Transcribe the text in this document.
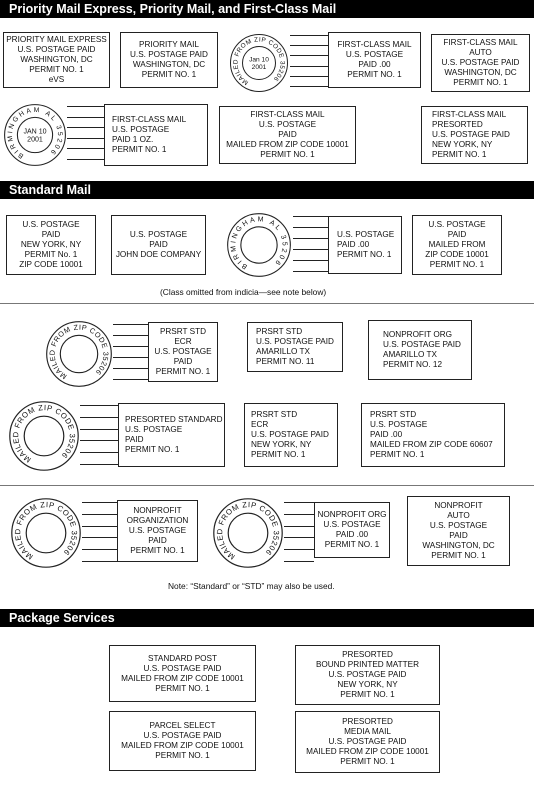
Priority Mail Express, Priority Mail, and First-Class Mail
Standard Mail
Package Services
PRIORITY MAIL EXPRESS
U.S. POSTAGE PAID
WASHINGTON, DC
PERMIT NO. 1
eVS
PRIORITY MAIL
U.S. POSTAGE PAID
WASHINGTON, DC
PERMIT NO. 1
MAILED FROM ZIP CODE 35206
Jan 10
2001
FIRST-CLASS MAIL
U.S. POSTAGE
PAID .00
PERMIT NO. 1
FIRST-CLASS MAIL
AUTO
U.S. POSTAGE PAID
WASHINGTON, DC
PERMIT NO. 1
BIRMINGHAM AL 35206
JAN 10
2001
FIRST-CLASS MAIL
U.S. POSTAGE
PAID 1 OZ.
PERMIT NO. 1
FIRST-CLASS MAIL
U.S. POSTAGE
PAID
MAILED FROM ZIP CODE 10001
PERMIT NO. 1
FIRST-CLASS MAIL
PRESORTED
U.S. POSTAGE PAID
NEW YORK, NY
PERMIT NO. 1
U.S. POSTAGE
PAID
NEW YORK, NY
PERMIT No. 1
ZIP CODE 10001
U.S. POSTAGE
PAID
JOHN DOE COMPANY
BIRMINGHAM AL 35206
U.S. POSTAGE
PAID .00
PERMIT NO. 1
U.S. POSTAGE
PAID
MAILED FROM
ZIP CODE 10001
PERMIT NO. 1
(Class omitted from indicia—see note below)
MAILED FROM ZIP CODE 35206
PRSRT STD
ECR
U.S. POSTAGE
PAID
PERMIT NO. 1
PRSRT STD
U.S. POSTAGE PAID
AMARILLO TX
PERMIT NO. 11
NONPROFIT ORG
U.S. POSTAGE PAID
AMARILLO TX
PERMIT NO. 12
MAILED FROM ZIP CODE 35206
PRESORTED STANDARD
U.S. POSTAGE
PAID
PERMIT NO. 1
PRSRT STD
ECR
U.S. POSTAGE PAID
NEW YORK, NY
PERMIT NO. 1
PRSRT STD
U.S. POSTAGE
PAID .00
MAILED FROM ZIP CODE 60607
PERMIT NO. 1
MAILED FROM ZIP CODE 35206
NONPROFIT
ORGANIZATION
U.S. POSTAGE
PAID
PERMIT NO. 1	MAILED FROM ZIP CODE 35206
NONPROFIT ORG
U.S. POSTAGE
PAID .00
PERMIT NO. 1
NONPROFIT
AUTO
U.S. POSTAGE
PAID
WASHINGTON, DC
PERMIT NO. 1
Note: “Standard” or “STD” may also be used.
STANDARD POST
U.S. POSTAGE PAID
MAILED FROM ZIP CODE 10001
PERMIT NO. 1
PRESORTED
BOUND PRINTED MATTER
U.S. POSTAGE PAID
NEW YORK, NY
PERMIT NO. 1
PARCEL SELECT
U.S. POSTAGE PAID
MAILED FROM ZIP CODE 10001
PERMIT NO. 1
PRESORTED
MEDIA MAIL
U.S. POSTAGE PAID
MAILED FROM ZIP CODE 10001
PERMIT NO. 1
